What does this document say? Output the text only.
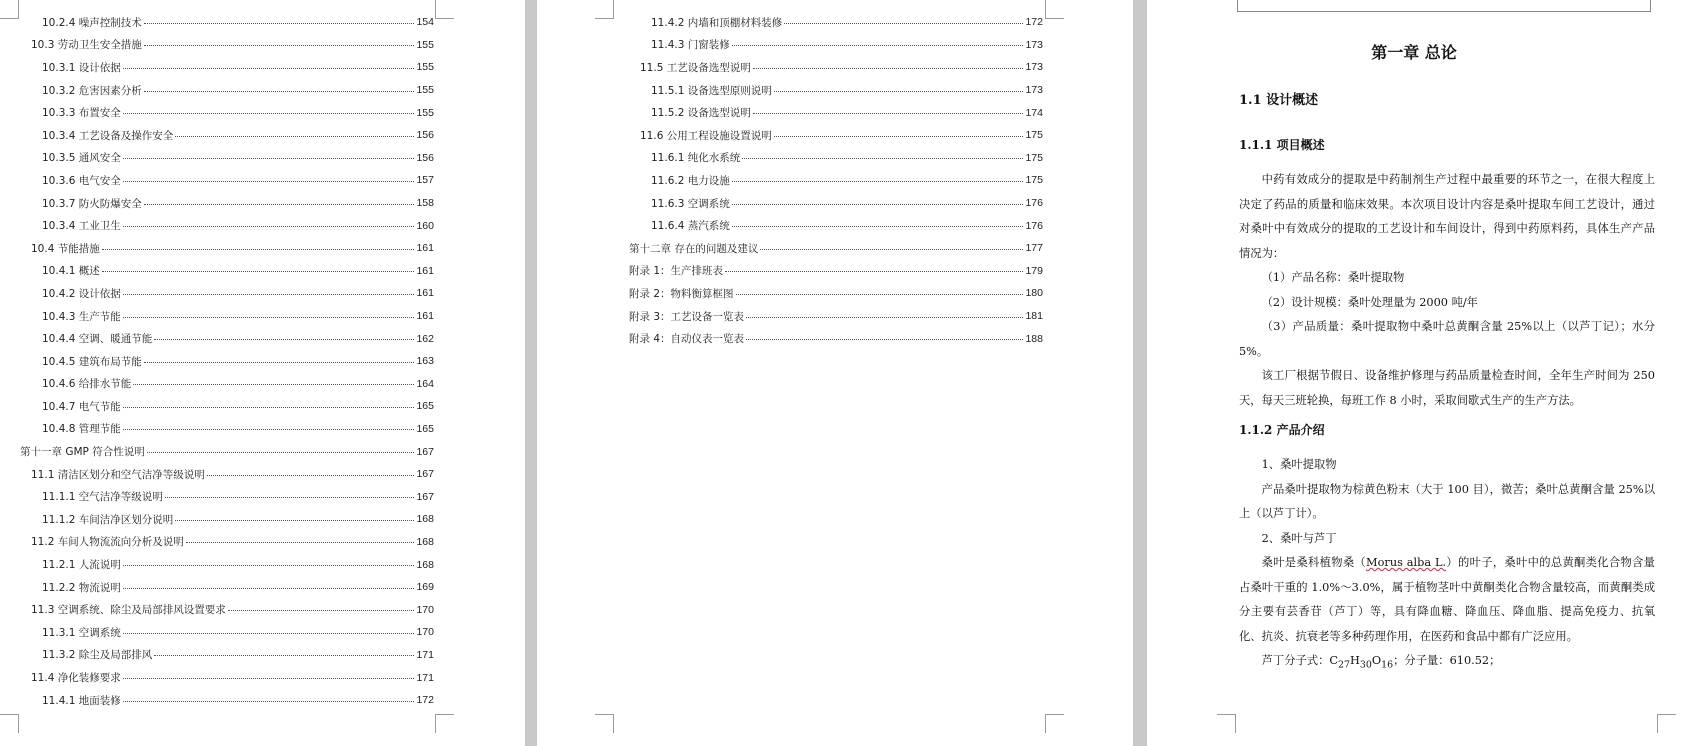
10.2.4 噪声控制技术	154
10.3 劳动卫生安全措施	155
10.3.1 设计依据	155
10.3.2 危害因素分析	155
10.3.3 布置安全	155
10.3.4 工艺设备及操作安全	156
10.3.5 通风安全	156
10.3.6 电气安全	157
10.3.7 防火防爆安全	158
10.3.4 工业卫生	160
10.4 节能措施	161
10.4.1 概述	161
10.4.2 设计依据	161
10.4.3 生产节能	161
10.4.4 空调、暖通节能	162
10.4.5 建筑布局节能	163
10.4.6 给排水节能	164
10.4.7 电气节能	165
10.4.8 管理节能	165
第十一章 GMP 符合性说明	167
11.1 清洁区划分和空气洁净等级说明	167
11.1.1 空气洁净等级说明	167
11.1.2 车间洁净区划分说明	168
11.2 车间人物流流向分析及说明	168
11.2.1 人流说明	168
11.2.2 物流说明	169
11.3 空调系统、除尘及局部排风设置要求	170
11.3.1 空调系统	170
11.3.2 除尘及局部排风	171
11.4 净化装修要求	171
11.4.1 地面装修	172
11.4.2 内墙和顶棚材料装修	172
11.4.3 门窗装修	173
11.5 工艺设备选型说明	173
11.5.1 设备选型原则说明	173
11.5.2 设备选型说明	174
11.6 公用工程设施设置说明	175
11.6.1 纯化水系统	175
11.6.2 电力设施	175
11.6.3 空调系统	176
11.6.4 蒸汽系统	176
第十二章 存在的问题及建议	177
附录 1：生产排班表	179
附录 2：物料衡算框图	180
附录 3：工艺设备一览表	181
附录 4：自动仪表一览表	188
第一章 总论
1.1 设计概述
1.1.1 项目概述

中药有效成分的提取是中药制剂生产过程中最重要的环节之一，在很大程度上决定了药品的质量和临床效果。本次项目设计内容是桑叶提取车间工艺设计，通过对桑叶中有效成分的提取的工艺设计和车间设计，得到中药原料药，具体生产产品情况为：

（1）产品名称：桑叶提取物

（2）设计规模：桑叶处理量为 2000 吨/年

（3）产品质量：桑叶提取物中桑叶总黄酮含量 25%以上（以芦丁记）；水分 5%。

该工厂根据节假日、设备维护修理与药品质量检查时间，全年生产时间为 250 天，每天三班轮换，每班工作 8 小时，采取间歇式生产的生产方法。

1.1.2 产品介绍

1、桑叶提取物

产品桑叶提取物为棕黄色粉末（大于 100 目），微苦；桑叶总黄酮含量 25%以上（以芦丁计）。

2、桑叶与芦丁

桑叶是桑科植物桑（Morus alba L.）的叶子，桑叶中的总黄酮类化合物含量占桑叶干重的 1.0%～3.0%，属于植物茎叶中黄酮类化合物含量较高，而黄酮类成分主要有芸香苷（芦丁）等，具有降血糖、降血压、降血脂、提高免疫力、抗氧化、抗炎、抗衰老等多种药理作用，在医药和食品中都有广泛应用。

芦丁分子式：$C_{27}H_{30}O_{16}$；分子量：610.52；
